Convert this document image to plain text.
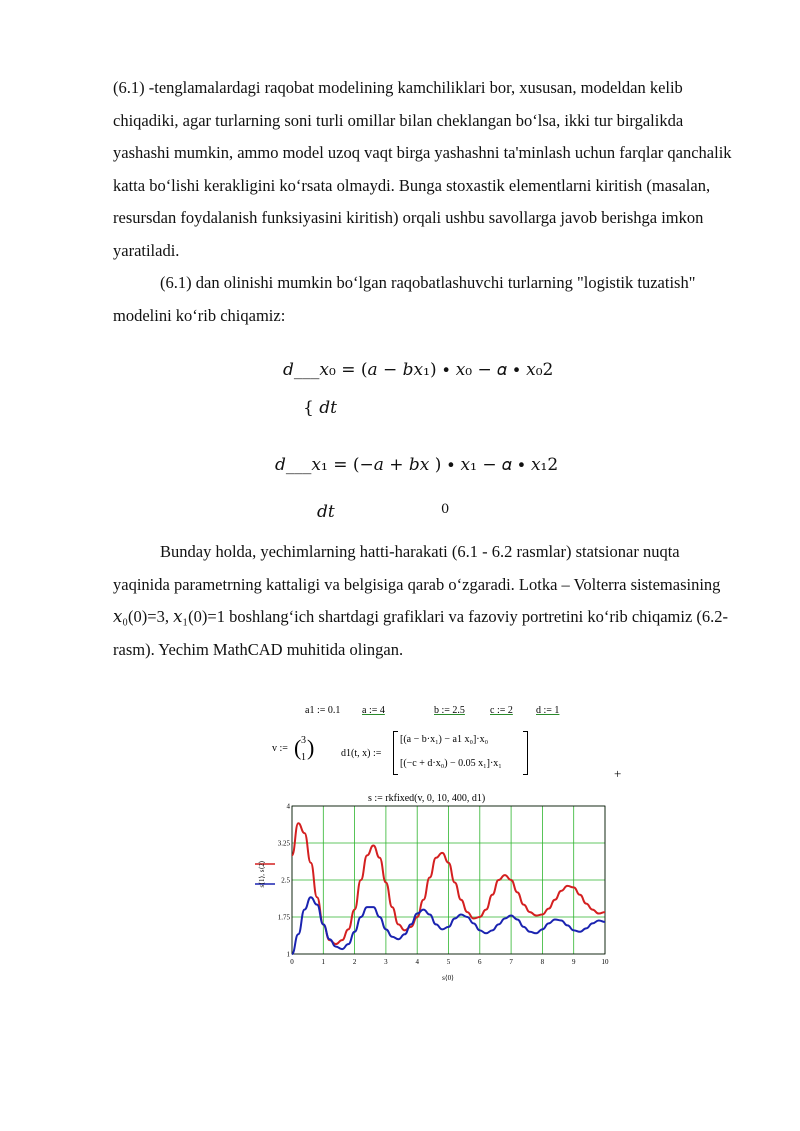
(6.1) -tenglamalardagi raqobat modelining kamchiliklari bor, xususan, modeldan kelib chiqadiki, agar turlarning soni turli omillar bilan cheklangan bo‘lsa, ikki tur birgalikda yashashi mumkin, ammo model uzoq vaqt birga yashashni ta'minlash uchun farqlar qanchalik katta bo‘lishi kerakligini ko‘rsata olmaydi. Bunga stoxastik elementlarni kiritish (masalan, resursdan foydalanish funksiyasini kiritish) orqali ushbu savollarga javob berishga imkon yaratiladi.

(6.1) dan olinishi mumkin bo‘lgan raqobatlashuvchi turlarning "logistik tuzatish" modelini ko‘rib chiqamiz:

𝑑___𝑥₀ = (𝑎 − 𝑏𝑥₁) ∙ 𝑥₀ − 𝛼 ∙ 𝑥₀2
{ 𝑑𝑡
𝑑___𝑥₁ = (−𝑎 + 𝑏𝑥 ) ∙ 𝑥₁ − 𝛼 ∙ 𝑥₁2
𝑑𝑡	0

Bunday holda, yechimlarning hatti-harakati (6.1 - 6.2 rasmlar) statsionar nuqta yaqinida parametrning kattaligi va belgisiga qarab o‘zgaradi. Lotka – Volterra sistemasining 𝑥₀(0)=3, 𝑥₁(0)=1 boshlang‘ich shartdagi grafiklari va fazoviy portretini ko‘rib chiqamiz (6.2- rasm). Yechim MathCAD muhitida olingan.

a1 := 0.1 a := 4	b := 2.5	c := 2 d := 1
v := ( 3
1 )	d1(t, x) :=
[(a − b·x₁) − a1 x₀]·x₀
[(−c + d·x₀) − 0.05 x₁]·x₁
+
s := rkfixed(v, 0, 10, 400, d1)
0	1	2	3	4	5	6	7	8	9	10
1
1.75
2.5
3.25
4
s⟨1⟩, s⟨2⟩
s⟨0⟩
